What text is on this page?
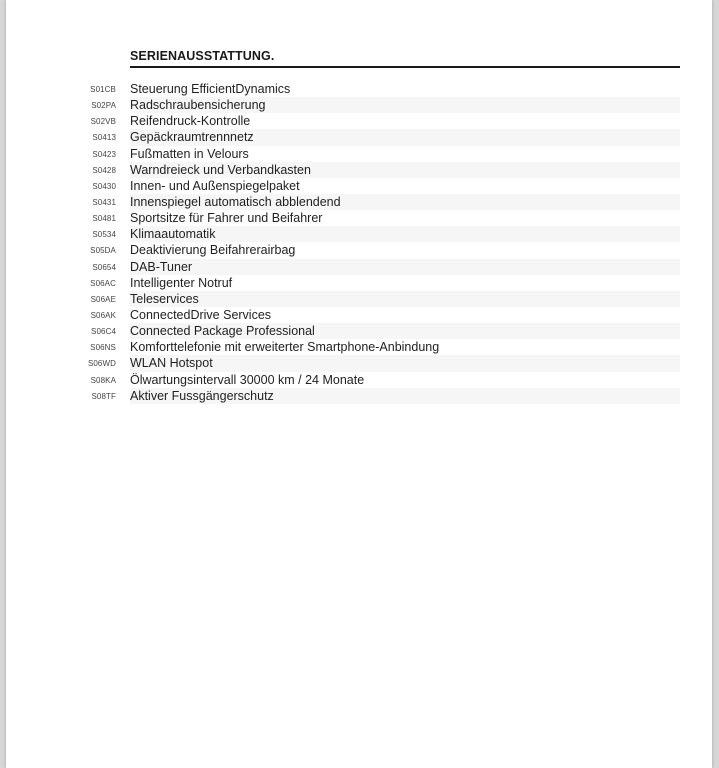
SERIENAUSSTATTUNG.
S01CB Steuerung EfficientDynamics
S02PA Radschraubensicherung
S02VB Reifendruck-Kontrolle
S0413 Gepäckraumtrennnetz
S0423 Fußmatten in Velours
S0428 Warndreieck und Verbandkasten
S0430 Innen- und Außenspiegelpaket
S0431 Innenspiegel automatisch abblendend
S0481 Sportsitze für Fahrer und Beifahrer
S0534 Klimaautomatik
S05DA Deaktivierung Beifahrerairbag
S0654 DAB-Tuner
S06AC Intelligenter Notruf
S06AE Teleservices
S06AK ConnectedDrive Services
S06C4 Connected Package Professional
S06NS Komforttelefonie mit erweiterter Smartphone-Anbindung
S06WD WLAN Hotspot
S08KA Ölwartungsintervall 30000 km / 24 Monate
S08TF Aktiver Fussgängerschutz
